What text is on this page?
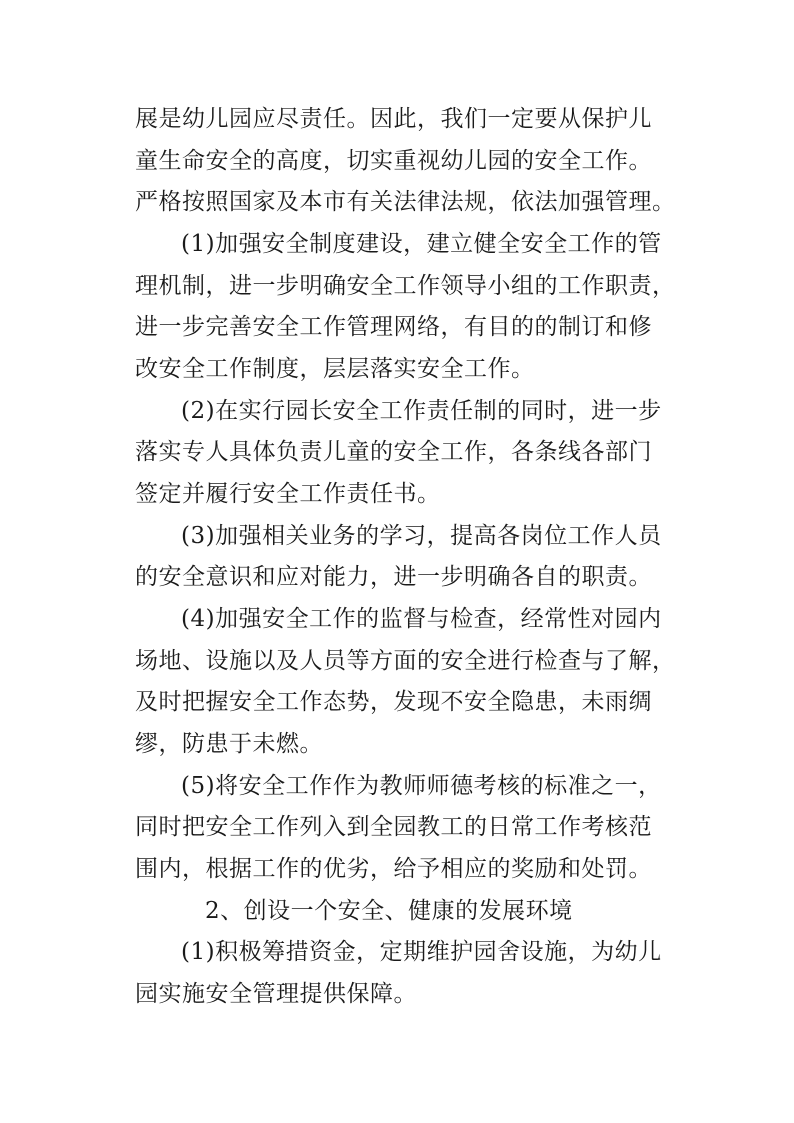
展是幼儿园应尽责任。因此，我们一定要从保护儿

童生命安全的高度，切实重视幼儿园的安全工作。

严格按照国家及本市有关法律法规，依法加强管理。

(1)加强安全制度建设，建立健全安全工作的管

理机制，进一步明确安全工作领导小组的工作职责，

进一步完善安全工作管理网络，有目的的制订和修

改安全工作制度，层层落实安全工作。

(2)在实行园长安全工作责任制的同时，进一步

落实专人具体负责儿童的安全工作，各条线各部门

签定并履行安全工作责任书。

(3)加强相关业务的学习，提高各岗位工作人员

的安全意识和应对能力，进一步明确各自的职责。

(4)加强安全工作的监督与检查，经常性对园内

场地、设施以及人员等方面的安全进行检查与了解，

及时把握安全工作态势，发现不安全隐患，未雨绸

缪，防患于未燃。

(5)将安全工作作为教师师德考核的标准之一，

同时把安全工作列入到全园教工的日常工作考核范

围内，根据工作的优劣，给予相应的奖励和处罚。

2、创设一个安全、健康的发展环境

(1)积极筹措资金，定期维护园舍设施，为幼儿

园实施安全管理提供保障。
